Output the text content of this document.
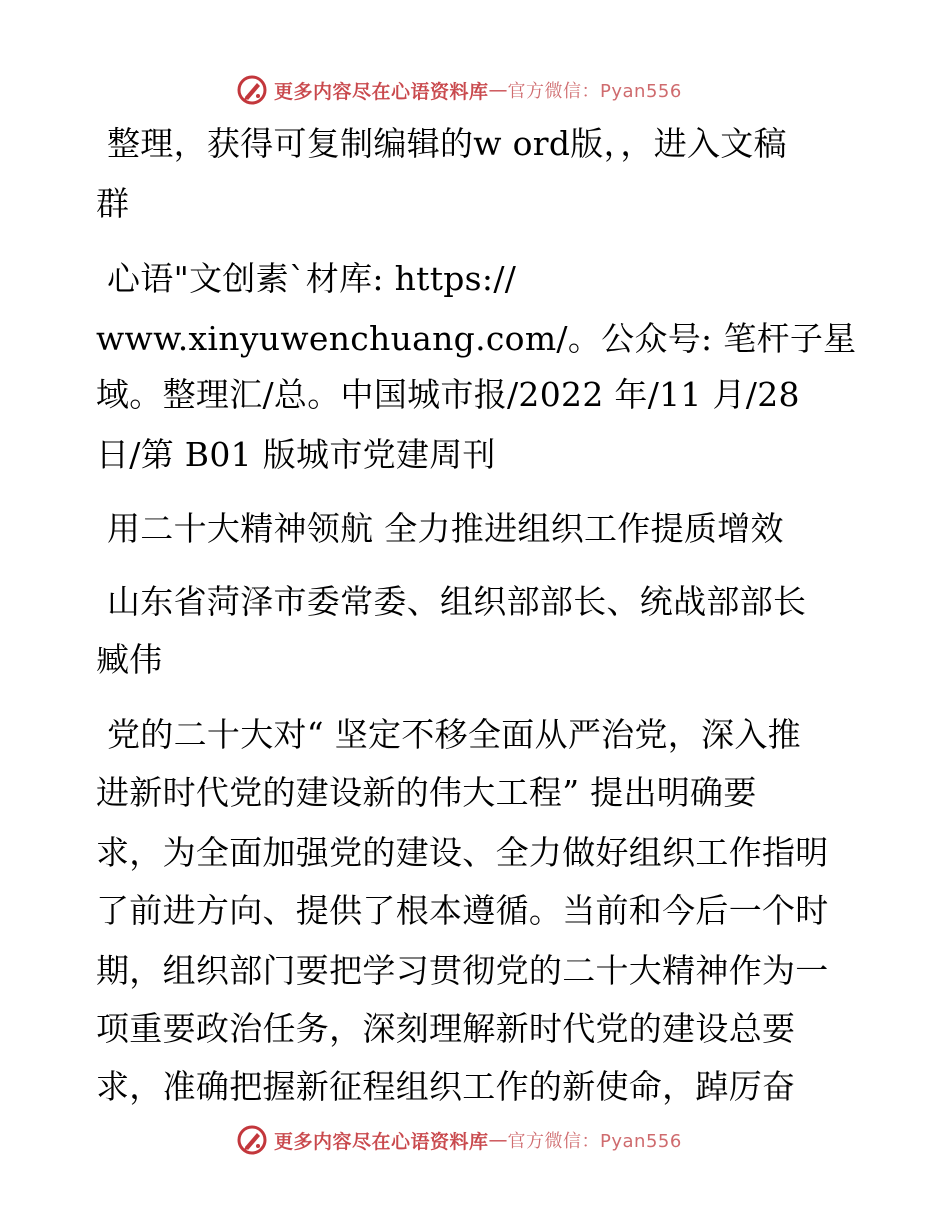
更多内容尽在心语资料库 — 官方微信：Pyan556
整理，获得可复制编辑的w ord版，，进入文稿
群
心语"文创素`材库: https://
www.xinyuwenchuang.com/。公众号: 笔杆子星
域。整理汇/总。中国城市报/2022 年/11 月/28
日/第 B01 版城市党建周刊
用二十大精神领航 全力推进组织工作提质增效
山东省菏泽市委常委、组织部部长、统战部部长
臧伟
党的二十大对“ 坚定不移全面从严治党，深入推
进新时代党的建设新的伟大工程” 提出明确要
求，为全面加强党的建设、全力做好组织工作指明
了前进方向、提供了根本遵循。当前和今后一个时
期，组织部门要把学习贯彻党的二十大精神作为一
项重要政治任务，深刻理解新时代党的建设总要
求，准确把握新征程组织工作的新使命，踔厉奋
更多内容尽在心语资料库 — 官方微信：Pyan556
